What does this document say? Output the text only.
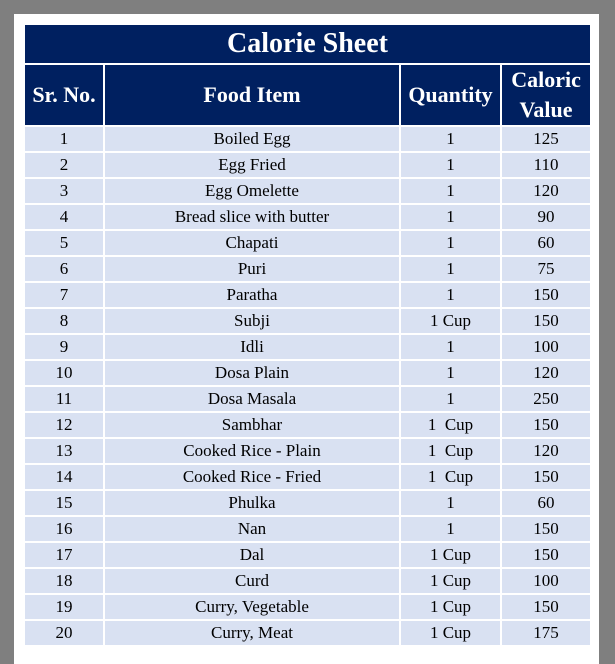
Calorie Sheet			
Sr. No.	Food Item	Quantity	Caloric Value
1	Boiled Egg	1	125
2	Egg Fried	1	110
3	Egg Omelette	1	120
4	Bread slice with butter	1	90
5	Chapati	1	60
6	Puri	1	75
7	Paratha	1	150
8	Subji	1 Cup	150
9	Idli	1	100
10	Dosa Plain	1	120
11	Dosa Masala	1	250
12	Sambhar	1  Cup	150
13	Cooked Rice - Plain	1  Cup	120
14	Cooked Rice - Fried	1  Cup	150
15	Phulka	1	60
16	Nan	1	150
17	Dal	1 Cup	150
18	Curd	1 Cup	100
19	Curry, Vegetable	1 Cup	150
20	Curry, Meat	1 Cup	175
